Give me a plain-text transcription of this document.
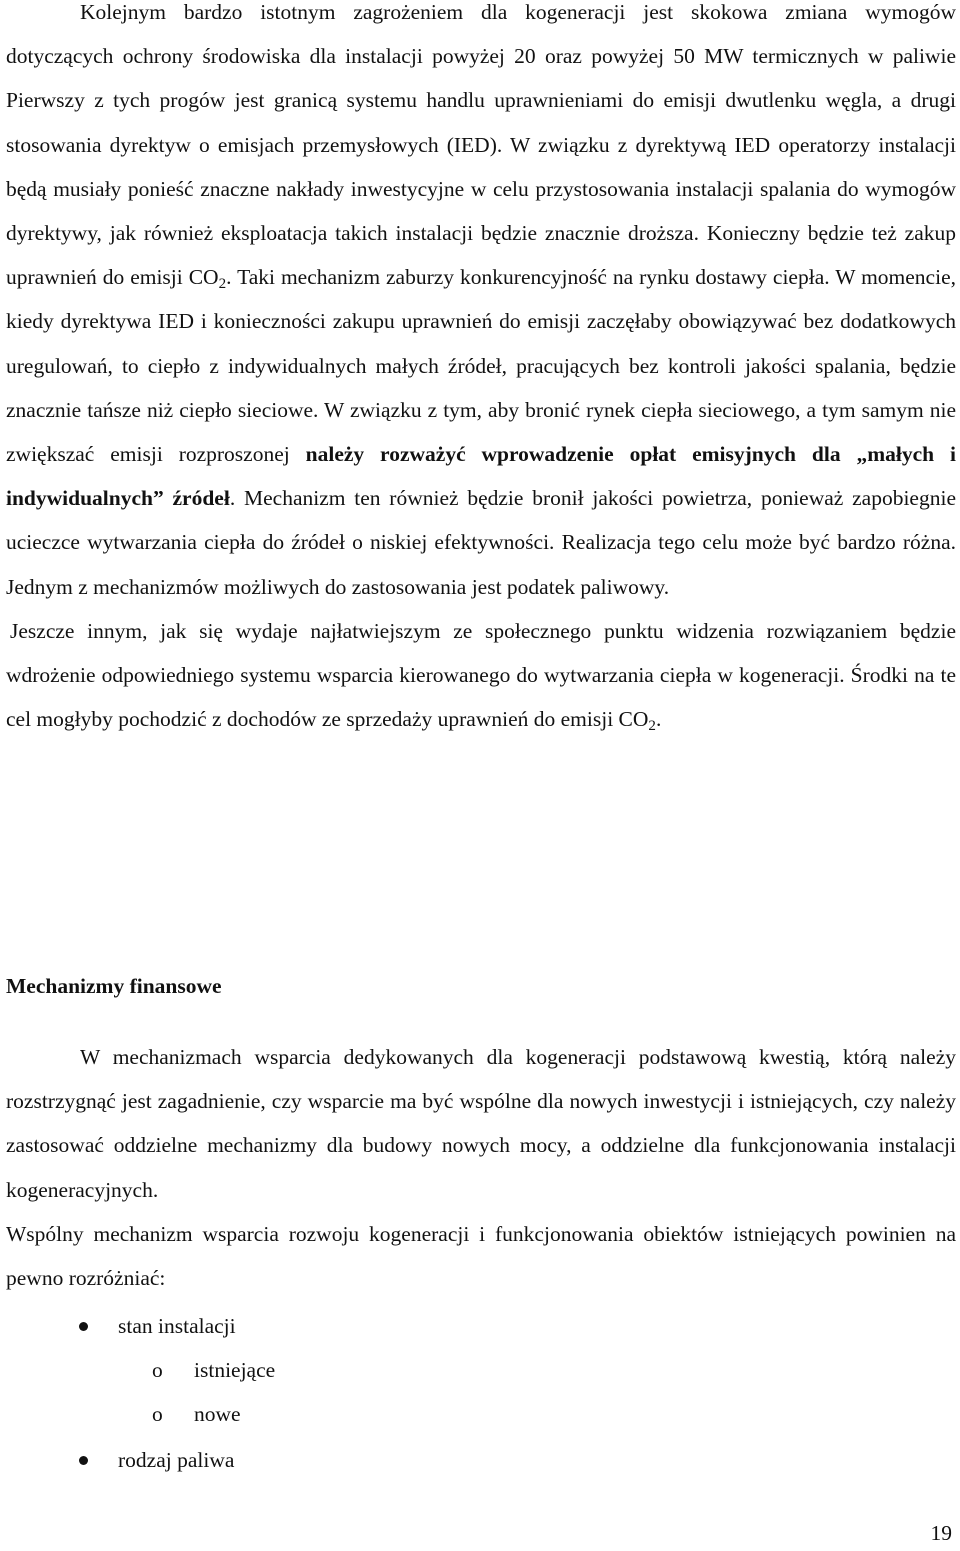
Kolejnym bardzo istotnym zagrożeniem dla kogeneracji jest skokowa zmiana wymogów dotyczących ochrony środowiska dla instalacji powyżej 20 oraz powyżej 50 MW termicznych w paliwie Pierwszy z tych progów jest granicą systemu handlu uprawnieniami do emisji dwutlenku węgla, a drugi stosowania dyrektyw o emisjach przemysłowych (IED). W związku z dyrektywą IED operatorzy instalacji będą musiały ponieść znaczne nakłady inwestycyjne w celu przystosowania instalacji spalania do wymogów dyrektywy, jak również eksploatacja takich instalacji będzie znacznie droższa. Konieczny będzie też zakup uprawnień do emisji $CO_2$. Taki mechanizm zaburzy konkurencyjność na rynku dostawy ciepła. W momencie, kiedy dyrektywa IED i konieczności zakupu uprawnień do emisji zaczęłaby obowiązywać bez dodatkowych uregulowań, to ciepło z indywidualnych małych źródeł, pracujących bez kontroli jakości spalania, będzie znacznie tańsze niż ciepło sieciowe. W związku z tym, aby bronić rynek ciepła sieciowego, a tym samym nie zwiększać emisji rozproszonej należy rozważyć wprowadzenie opłat emisyjnych dla „małych i indywidualnych” źródeł. Mechanizm ten również będzie bronił jakości powietrza, ponieważ zapobiegnie ucieczce wytwarzania ciepła do źródeł o niskiej efektywności. Realizacja tego celu może być bardzo różna. Jednym z mechanizmów możliwych do zastosowania jest podatek paliwowy.

Jeszcze innym, jak się wydaje najłatwiejszym ze społecznego punktu widzenia rozwiązaniem będzie wdrożenie odpowiedniego systemu wsparcia kierowanego do wytwarzania ciepła w kogeneracji. Środki na te cel mogłyby pochodzić z dochodów ze sprzedaży uprawnień do emisji $CO_2$.

Mechanizmy finansowe

W mechanizmach wsparcia dedykowanych dla kogeneracji podstawową kwestią, którą należy rozstrzygnąć jest zagadnienie, czy wsparcie ma być wspólne dla nowych inwestycji i istniejących, czy należy zastosować oddzielne mechanizmy dla budowy nowych mocy, a oddzielne dla funkcjonowania instalacji kogeneracyjnych.

Wspólny mechanizm wsparcia rozwoju kogeneracji i funkcjonowania obiektów istniejących powinien na pewno rozróżniać:

stan instalacji
o istniejące
o nowe
rodzaj paliwa
19
